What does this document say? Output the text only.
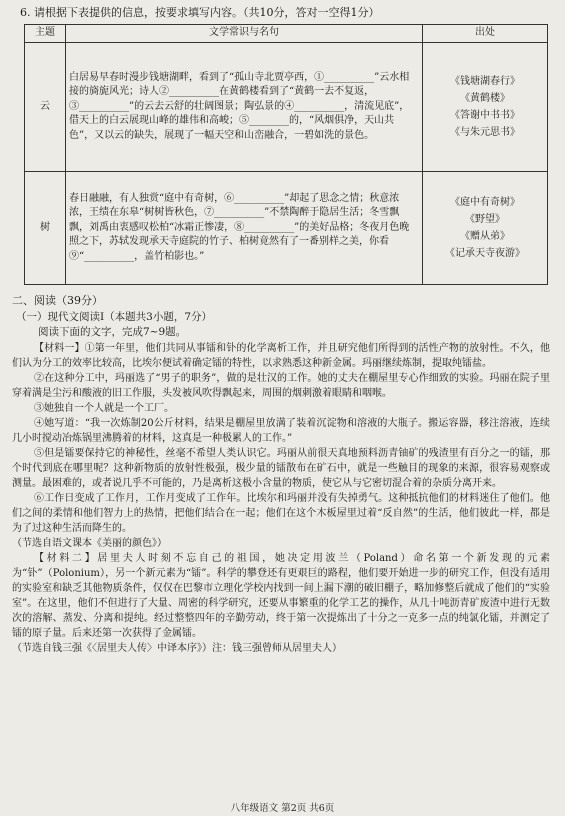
6. 请根据下表提供的信息，按要求填写内容。（共10分，答对一空得1分）
主题	文学常识与名句	出处
云	白居易早春时漫步钱塘湖畔，看到了“孤山寺北贾亭西，①__________”云水相接的旖旎风光；诗人②__________在黄鹤楼看到了“黄鹤一去不复返，③__________”的云去云舒的壮阔图景；陶弘景的④__________，清流见底”，借天上的白云展现山峰的雄伟和高峻；⑤________的，“风烟俱净，天山共色”，又以云的缺失，展现了一幅天空和山峦融合，一碧如洗的景色。	《钱塘湖春行》
《黄鹤楼》
《答谢中书书》
《与朱元思书》

树	春日融融，有人独赏“庭中有奇树，⑥__________”却起了思念之情；秋意浓浓，王绩在东皋“树树皆秋色，⑦__________”不禁陶醉于隐居生活；冬雪飘飘，刘禹由衷感叹松柏“冰霜正惨凄，⑧__________”的美好品格；冬夜月色晚照之下，苏轼发现承天寺庭院的竹子、柏树竟然有了一番别样之美，你看⑨“__________，盖竹柏影也。”	《庭中有奇树》
《野望》
《赠从弟》
《记承天寺夜游》
二、阅读（39分）
（一）现代文阅读Ⅰ（本题共3小题，7分）
阅读下面的文字，完成7~9题。

【材料一】①第一年里，他们共同从事镭和钋的化学离析工作，并且研究他们所得到的活性产物的放射性。不久，他们认为分工的效率比较高，比埃尔便试着确定镭的特性，以求熟悉这种新金属。玛丽继续炼制，提取纯镭盐。

②在这种分工中，玛丽选了“男子的职务”，做的是壮汉的工作。她的丈夫在棚屋里专心作细致的实验。玛丽在院子里穿着满是尘污和酸液的旧工作服，头发被风吹得飘起来，周围的烟刺激着眼睛和咽喉。

③她独自一个人就是一个工厂。

④她写道：“我一次炼制20公斤材料，结果是棚屋里放满了装着沉淀物和溶液的大瓶子。搬运容器，移注溶液，连续几小时搅动冶炼锅里沸腾着的材料，这真是一种极累人的工作。”

⑤但是镭要保持它的神秘性，丝毫不希望人类认识它。玛丽从前很天真地预料沥青铀矿的残渣里有百分之一的镭，那个时代到底在哪里呢？这种新物质的放射性极强，极少量的镭散布在矿石中，就是一些触目的现象的来源，很容易观察或测量。最困难的，或者说几乎不可能的，乃是离析这极小含量的物质，使它从与它密切混合着的杂质分离开来。

⑥工作日变成了工作月，工作月变成了工作年。比埃尔和玛丽并没有失掉勇气。这种抵抗他们的材料迷住了他们。他们之间的柔情和他们智力上的热情，把他们结合在一起；他们在这个木板屋里过着“反自然”的生活，他们彼此一样，都是为了过这种生活而降生的。

（节选自语文课本《美丽的颜色》）

【材料二】居里夫人时刻不忘自己的祖国，她决定用波兰（Poland）命名第一个新发现的元素为“钋”（Polonium），另一个新元素为“镭”。科学的攀登还有更艰巨的路程，他们要开始进一步的研究工作，但没有适用的实验室和缺乏其他物质条件，仅仅在巴黎市立理化学校内找到一间上漏下潮的破旧棚子，略加修整后就成了他们的“实验室”。在这里，他们不但进行了大量、周密的科学研究，还要从事繁重的化学工艺的操作，从几十吨沥青矿废渣中进行无数次的溶解、蒸发、分离和提纯。经过整整四年的辛勤劳动，终于第一次提炼出了十分之一克多一点的纯氯化镭，并测定了镭的原子量。后来还第一次获得了金属镭。

（节选自钱三强《〈居里夫人传〉中译本序》）注：钱三强曾师从居里夫人）

八年级语文 第2页 共6页
